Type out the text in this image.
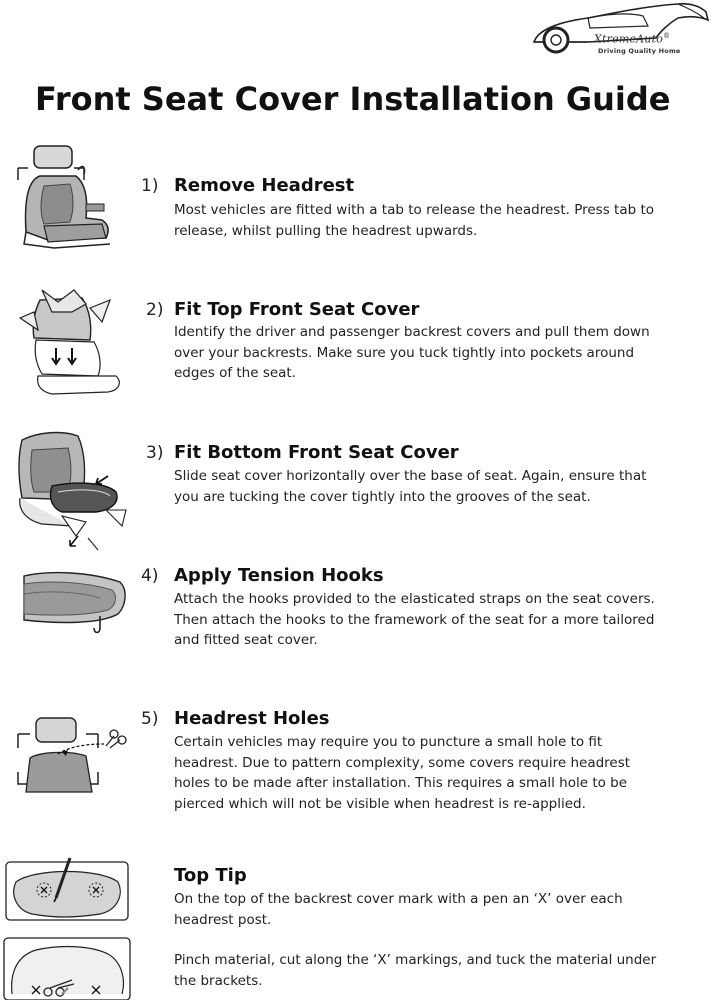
XtremeAuto®
Driving Quality Home
Front Seat Cover Installation Guide
1) Remove Headrest

Most vehicles are fitted with a tab to release the headrest. Press tab to release, whilst pulling the headrest upwards.

2) Fit Top Front Seat Cover

Identify the driver and passenger backrest covers and pull them down over your backrests. Make sure you tuck tightly into pockets around edges of the seat.

3) Fit Bottom Front Seat Cover

Slide seat cover horizontally over the base of seat. Again, ensure that you are tucking the cover tightly into the grooves of the seat.

4) Apply Tension Hooks

Attach the hooks provided to the elasticated straps on the seat covers. Then attach the hooks to the framework of the seat for a more tailored and fitted seat cover.

5) Headrest Holes

Certain vehicles may require you to puncture a small hole to fit headrest. Due to pattern complexity, some covers require headrest holes to be made after installation. This requires a small hole to be pierced which will not be visible when headrest is re-applied.

Top Tip

On the top of the backrest cover mark with a pen an ‘X’ over each headrest post.

Pinch material, cut along the ‘X’ markings, and tuck the material under the brackets.
